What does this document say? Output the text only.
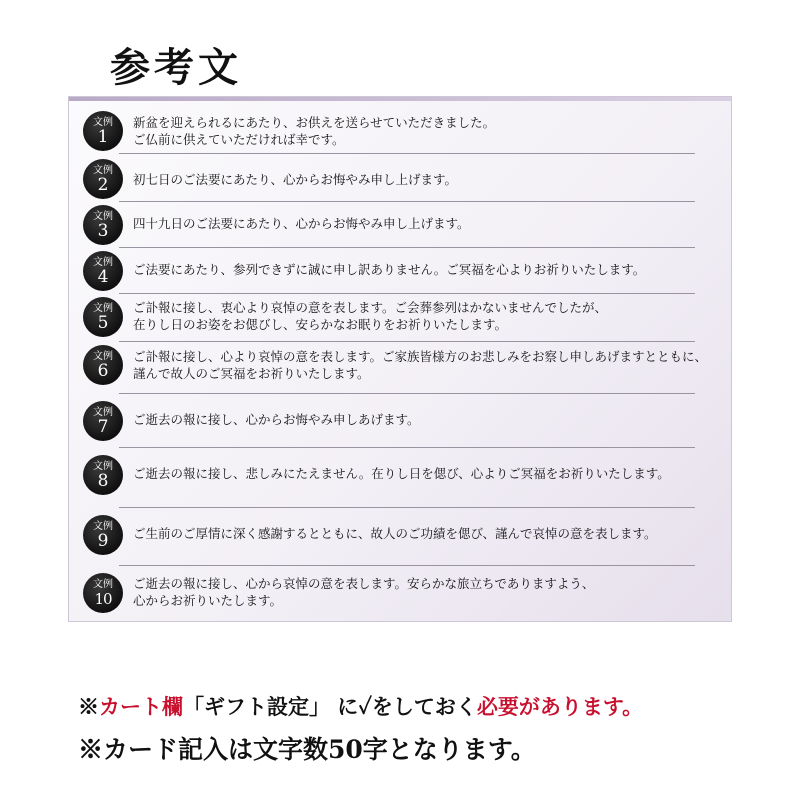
参考文
文例
1
新盆を迎えられるにあたり、お供えを送らせていただきました。
ご仏前に供えていただければ幸です。
文例
2	初七日のご法要にあたり、心からお悔やみ申し上げます。
文例
3	四十九日のご法要にあたり、心からお悔やみ申し上げます。
文例
4	ご法要にあたり、参列できずに誠に申し訳ありません。ご冥福を心よりお祈りいたします。
文例
5
ご訃報に接し、衷心より哀悼の意を表します。ご会葬参列はかないませんでしたが、
在りし日のお姿をお偲びし、安らかなお眠りをお祈りいたします。
文例
6
ご訃報に接し、心より哀悼の意を表します。ご家族皆様方のお悲しみをお察し申しあげますとともに、
謹んで故人のご冥福をお祈りいたします。
文例
7	ご逝去の報に接し、心からお悔やみ申しあげます。
文例
8	ご逝去の報に接し、悲しみにたえません。在りし日を偲び、心よりご冥福をお祈りいたします。
文例
9	ご生前のご厚情に深く感謝するとともに、故人のご功績を偲び、謹んで哀悼の意を表します。
文例
10
ご逝去の報に接し、心から哀悼の意を表します。安らかな旅立ちでありますよう、
心からお祈りいたします。
※カート欄「ギフト設定」 に✓をしておく必要があります。
※カード記入は文字数50字となります。
